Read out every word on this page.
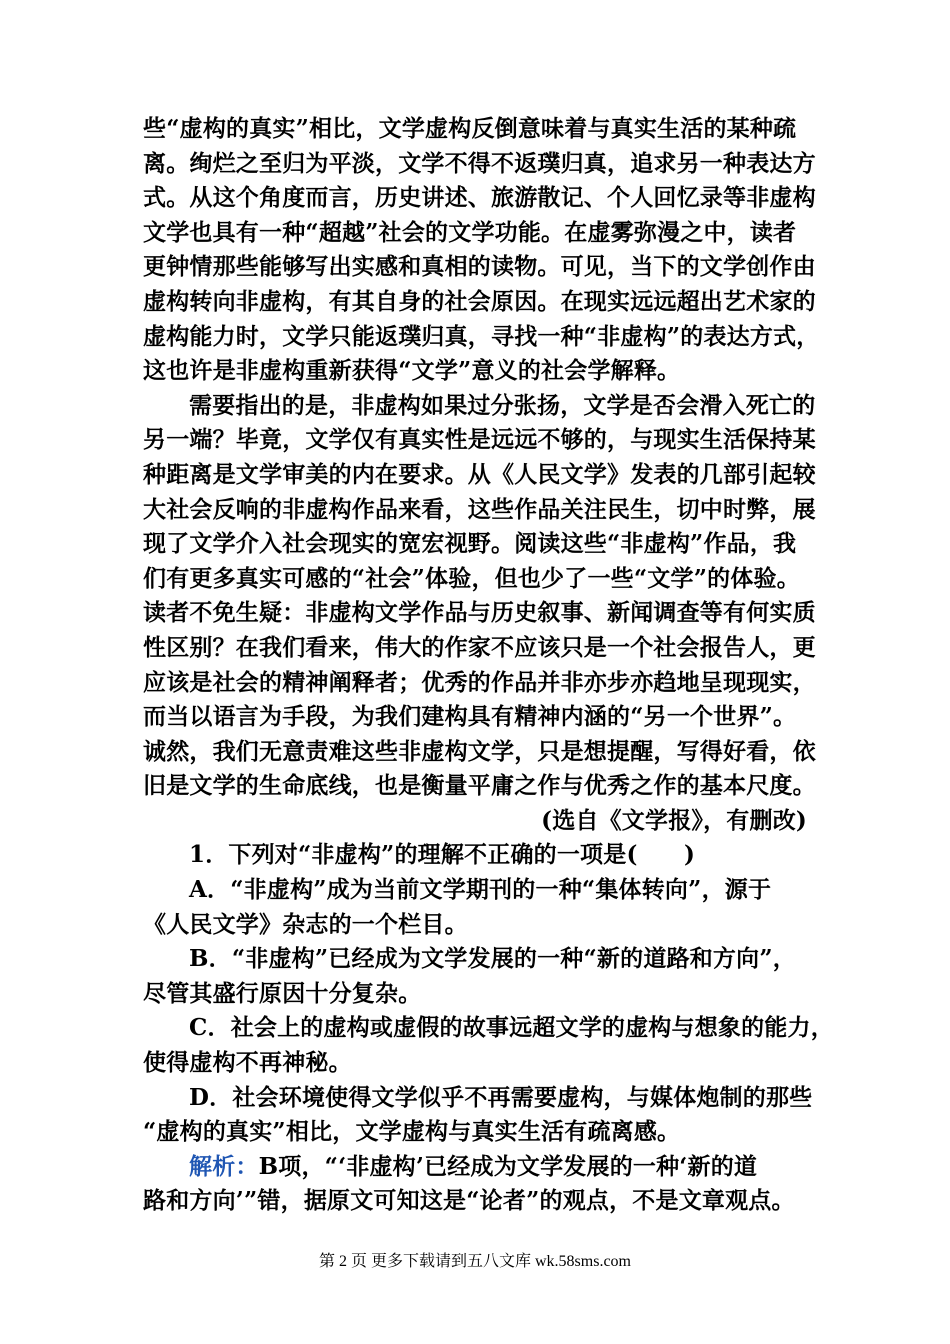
些“虚构的真实”相比，文学虚构反倒意味着与真实生活的某种疏
离。绚烂之至归为平淡，文学不得不返璞归真，追求另一种表达方
式。从这个角度而言，历史讲述、旅游散记、个人回忆录等非虚构
文学也具有一种“超越”社会的文学功能。在虚雾弥漫之中，读者
更钟情那些能够写出实感和真相的读物。可见，当下的文学创作由
虚构转向非虚构，有其自身的社会原因。在现实远远超出艺术家的
虚构能力时，文学只能返璞归真，寻找一种“非虚构”的表达方式，
这也许是非虚构重新获得“文学”意义的社会学解释。
需要指出的是，非虚构如果过分张扬，文学是否会滑入死亡的
另一端？毕竟，文学仅有真实性是远远不够的，与现实生活保持某
种距离是文学审美的内在要求。从《人民文学》发表的几部引起较
大社会反响的非虚构作品来看，这些作品关注民生，切中时弊，展
现了文学介入社会现实的宽宏视野。阅读这些“非虚构”作品，我
们有更多真实可感的“社会”体验，但也少了一些“文学”的体验。
读者不免生疑：非虚构文学作品与历史叙事、新闻调查等有何实质
性区别？在我们看来，伟大的作家不应该只是一个社会报告人，更
应该是社会的精神阐释者；优秀的作品并非亦步亦趋地呈现现实，
而当以语言为手段，为我们建构具有精神内涵的“另一个世界”。
诚然，我们无意责难这些非虚构文学，只是想提醒，写得好看，依
旧是文学的生命底线，也是衡量平庸之作与优秀之作的基本尺度。
(选自《文学报》，有删改)
1．下列对“非虚构”的理解不正确的一项是(　　)
A．“非虚构”成为当前文学期刊的一种“集体转向”，源于
《人民文学》杂志的一个栏目。
B．“非虚构”已经成为文学发展的一种“新的道路和方向”，
尽管其盛行原因十分复杂。
C．社会上的虚构或虚假的故事远超文学的虚构与想象的能力，
使得虚构不再神秘。
D．社会环境使得文学似乎不再需要虚构，与媒体炮制的那些
“虚构的真实”相比，文学虚构与真实生活有疏离感。
解析：B项，“‘非虚构’已经成为文学发展的一种‘新的道
路和方向’”错，据原文可知这是“论者”的观点，不是文章观点。
第 2 页 更多下载请到五八文库 wk.58sms.com
